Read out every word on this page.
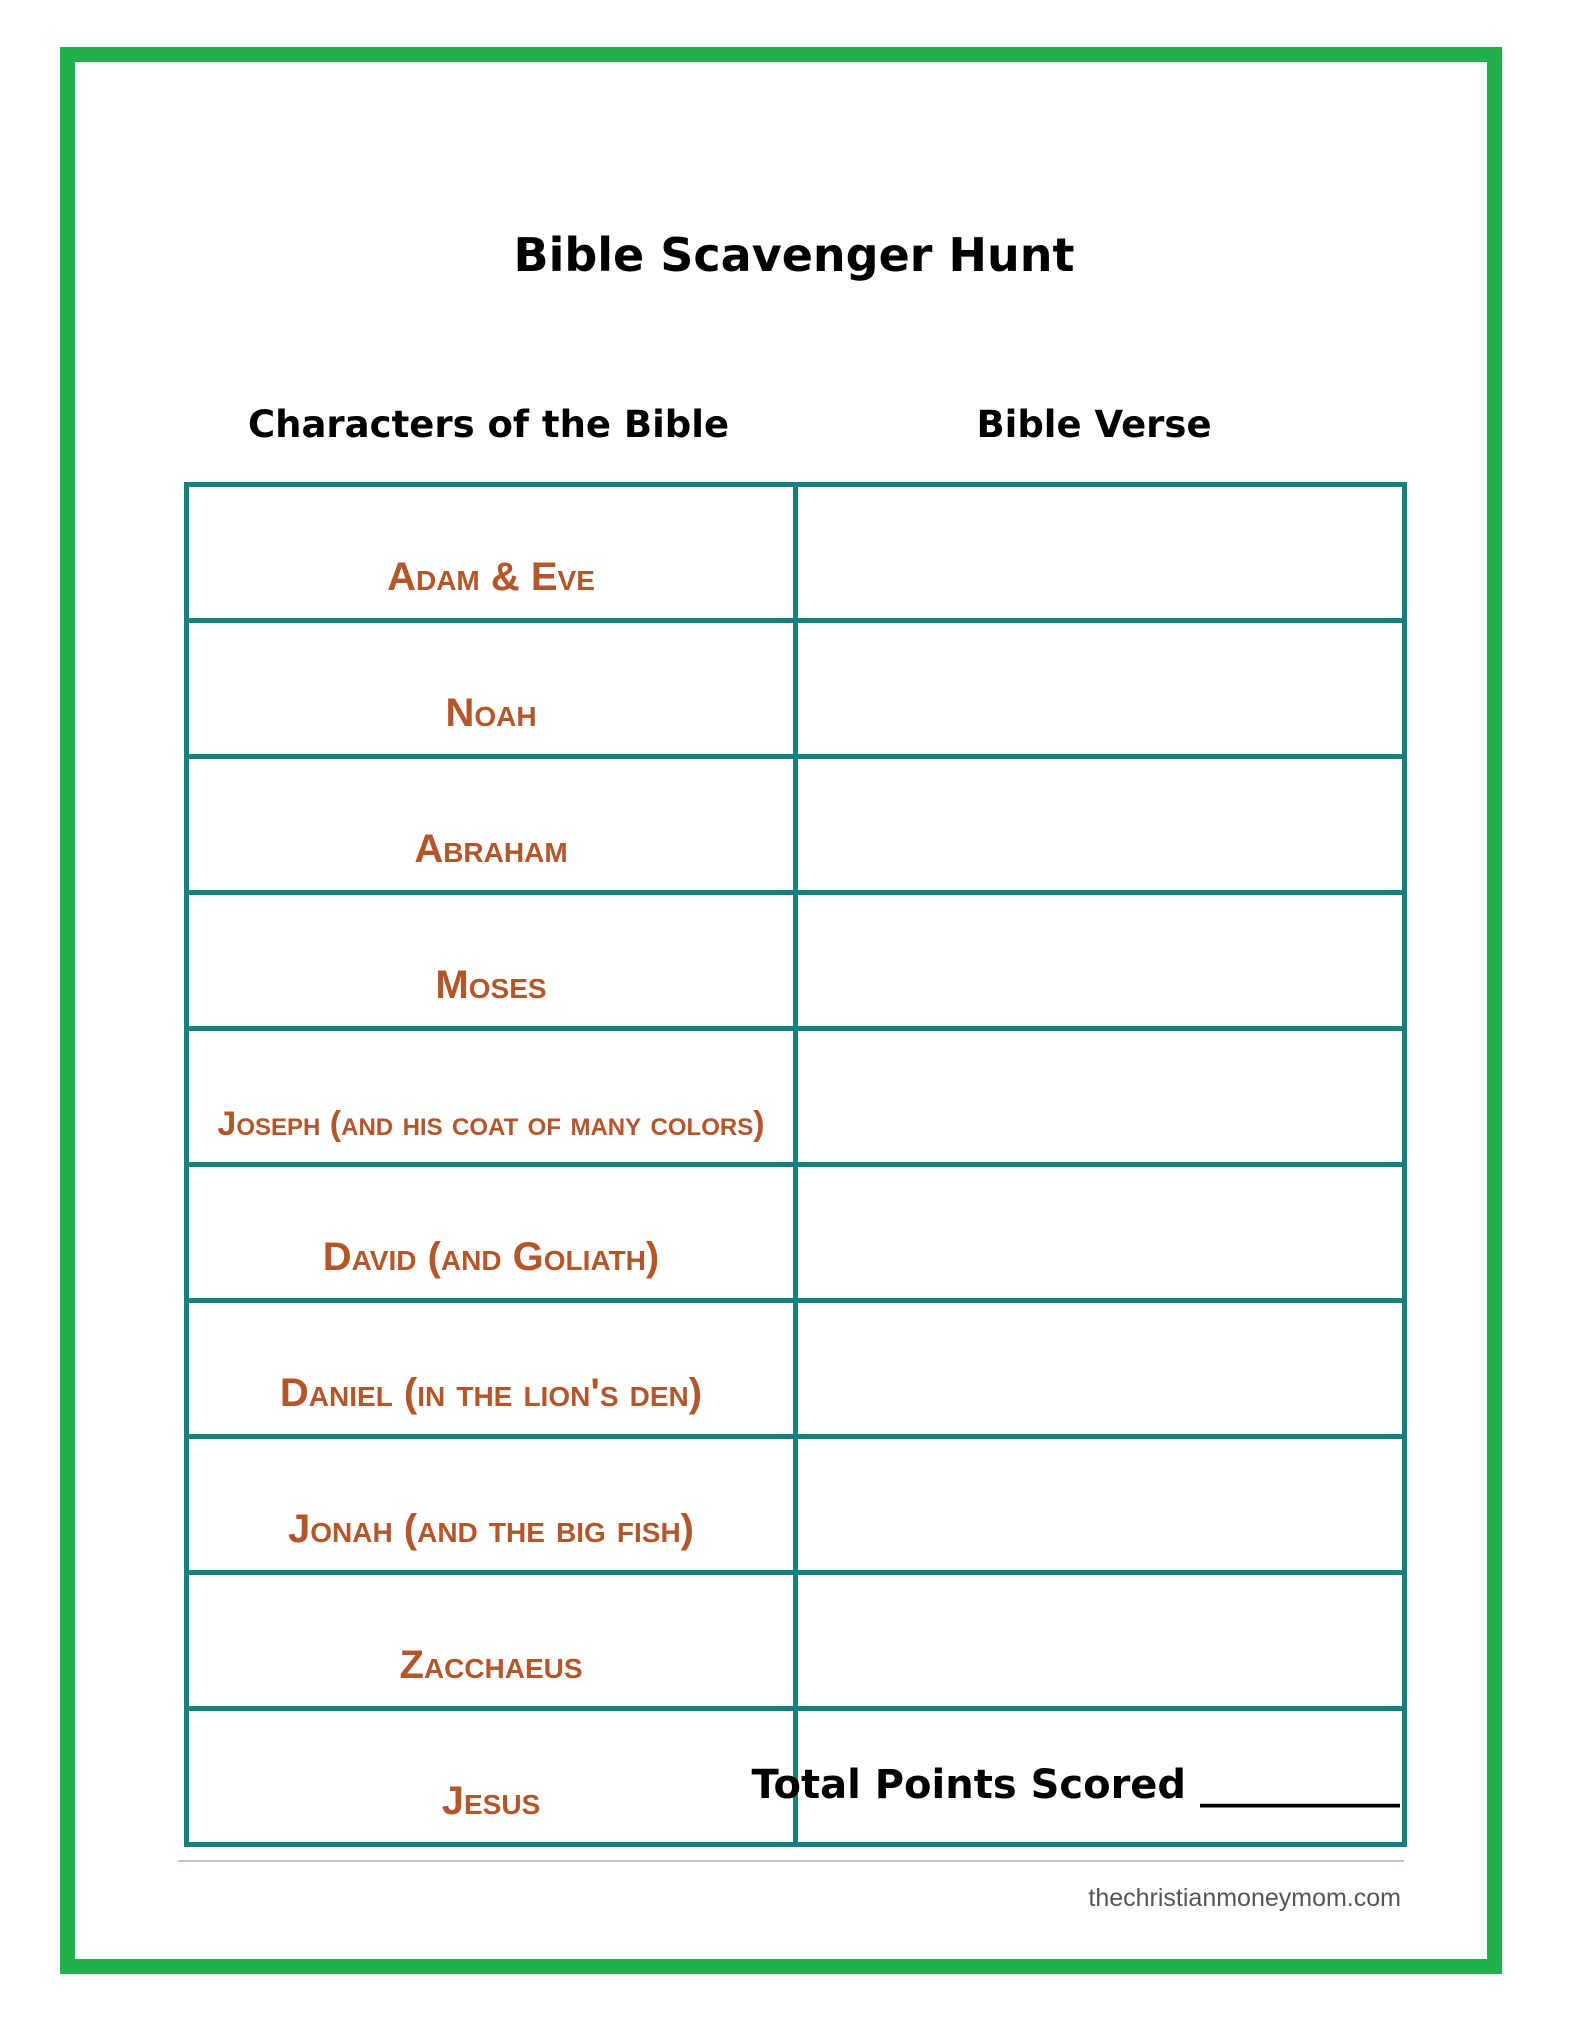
Bible Scavenger Hunt
Characters of the Bible	Bible Verse
Adam & Eve	
Noah	
Abraham	
Moses	
Joseph (and his coat of many colors)	
David (and Goliath)	
Daniel (in the lion's den)	
Jonah (and the big fish)	
Zacchaeus	
Jesus		Total Points Scored __________
thechristianmoneymom.com
